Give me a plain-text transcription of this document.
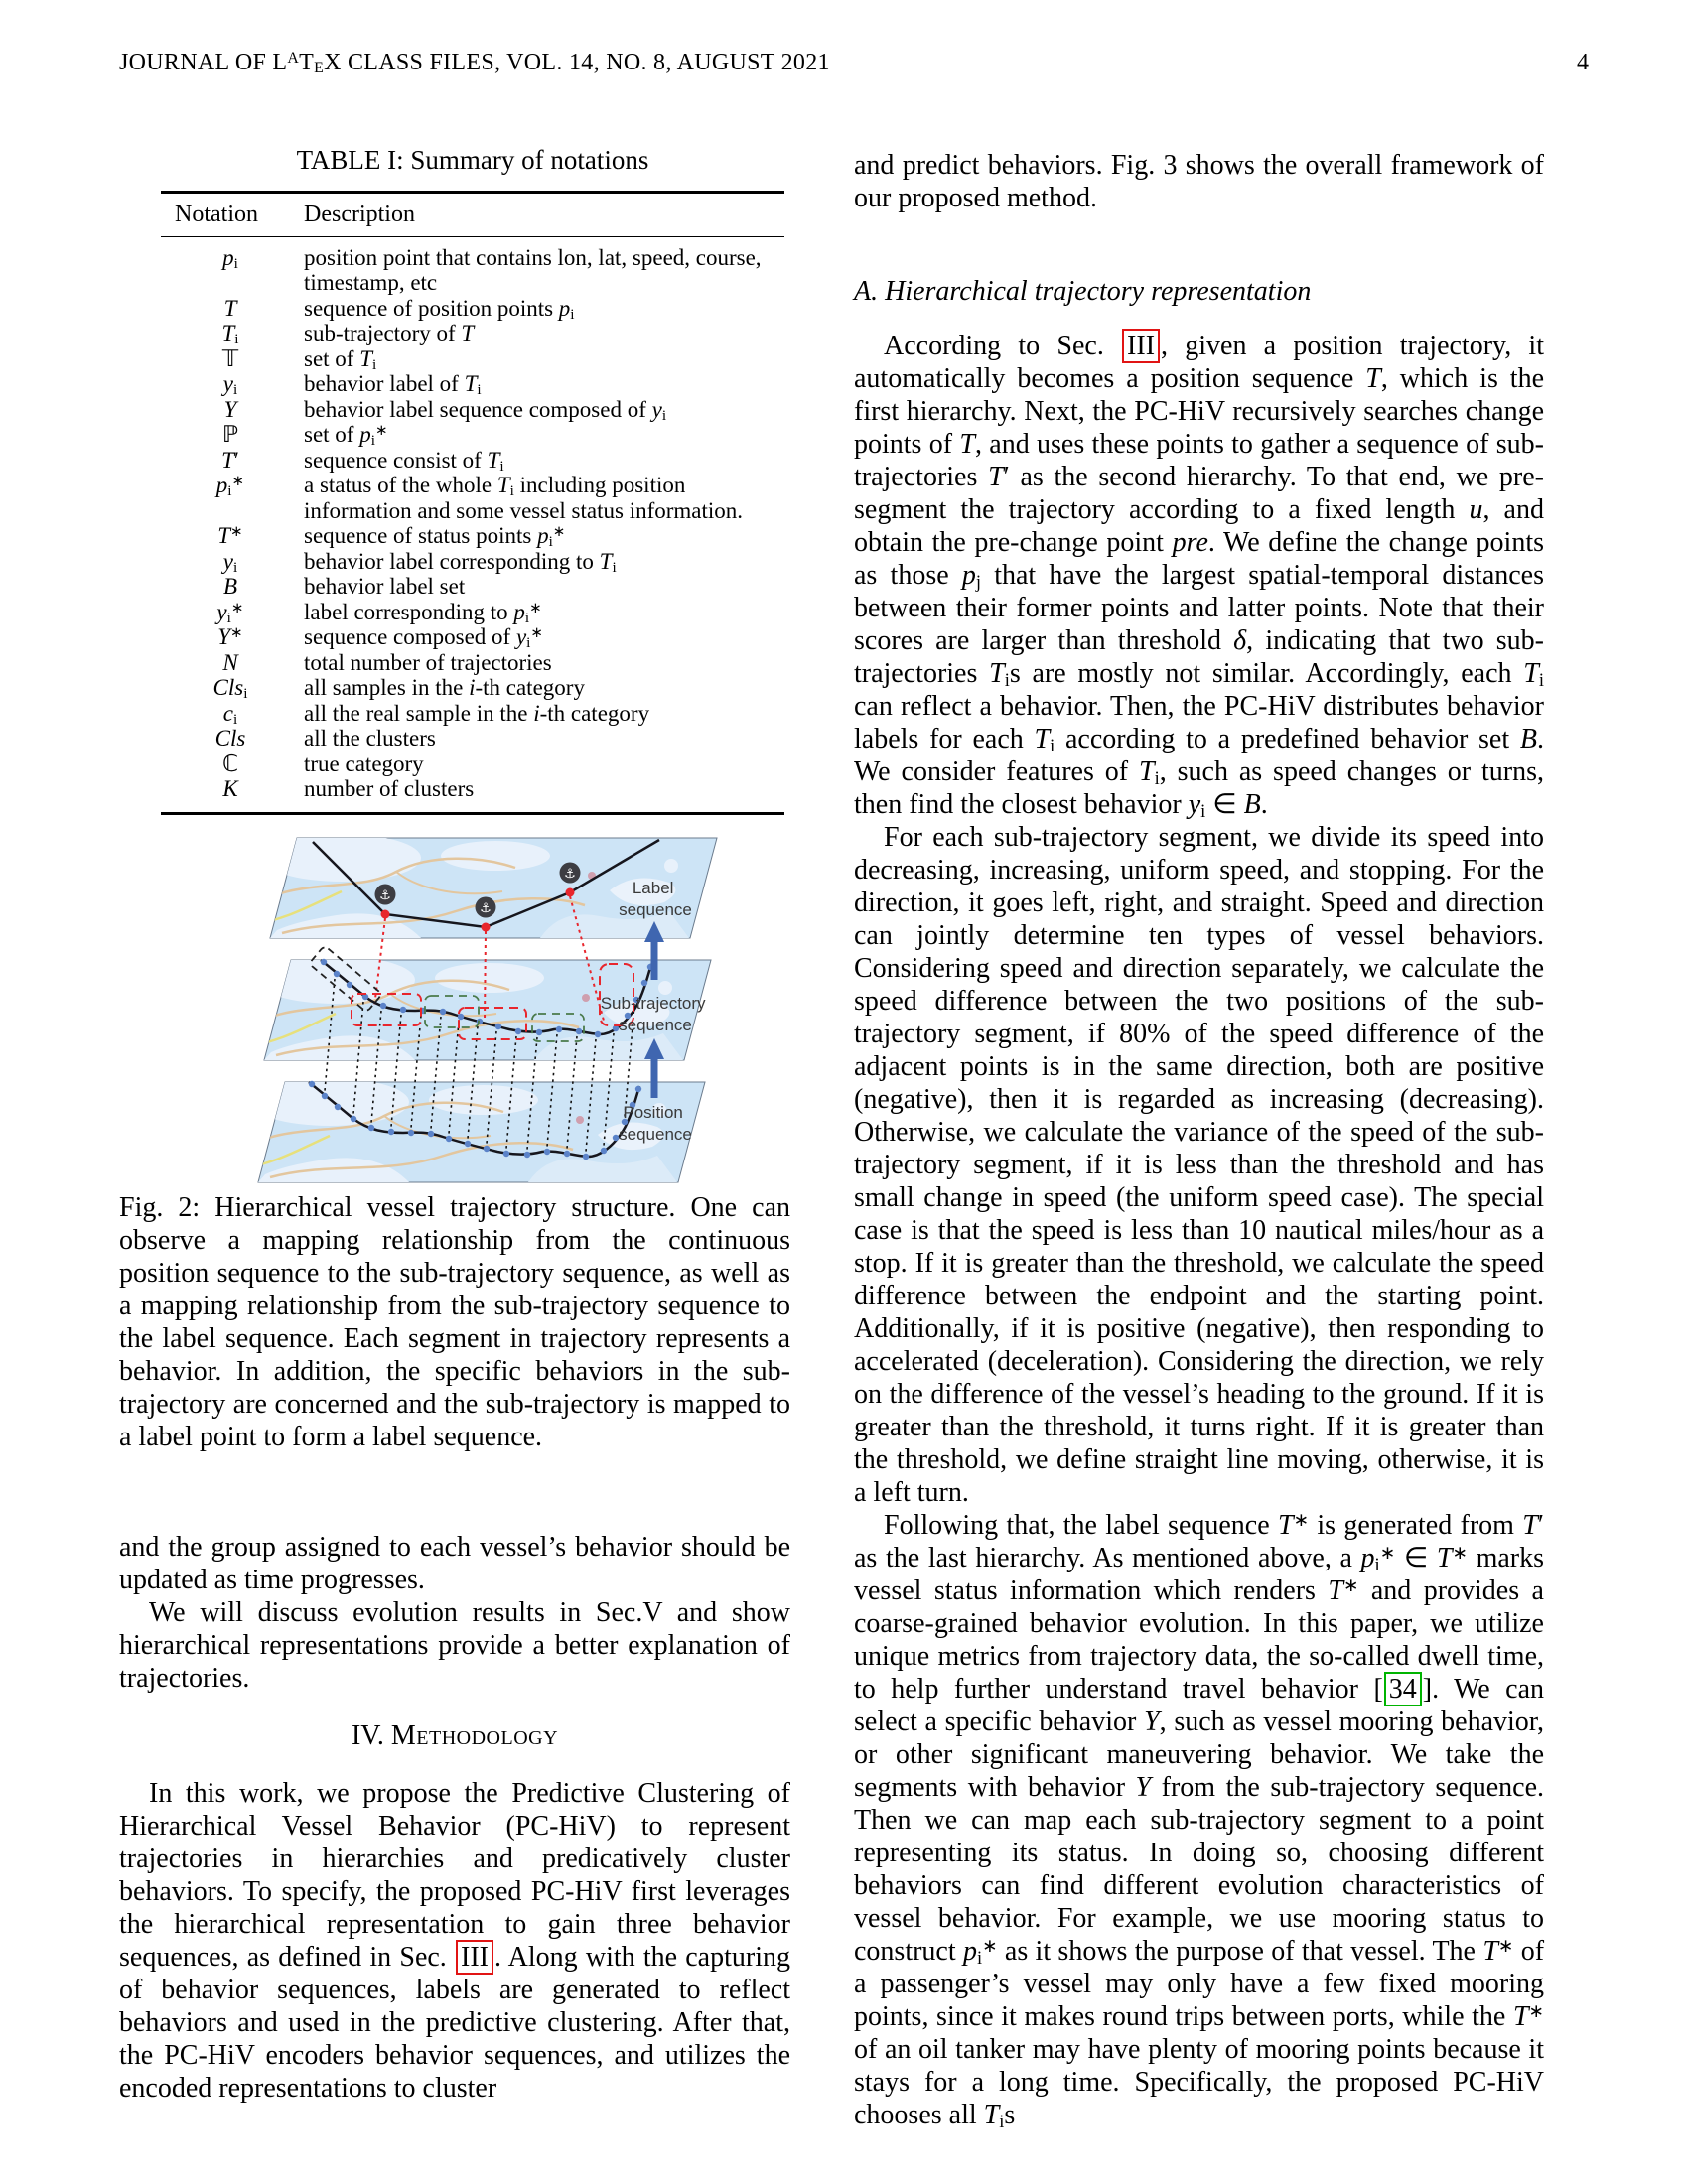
JOURNAL OF $L^AT_EX$ CLASS FILES, VOL. 14, NO. 8, AUGUST 2021	4
TABLE I: Summary of notations
Notation	Description
$p_i$	position point that contains lon, lat, speed, course, timestamp, etc
T	sequence of position points $p_i$
$T_i$	sub-trajectory of T
𝕋	set of $T_i$
$y_i$	behavior label of $T_i$
Y	behavior label sequence composed of $y_i$
ℙ	set of $p_i^∗$
T′	sequence consist of $T_i$
$p_i^∗$	a status of the whole $T_i$ including position information and some vessel status information.
T∗	sequence of status points $p_i^∗$
$y_i$	behavior label corresponding to $T_i$
B	behavior label set
$y_i^∗$	label corresponding to $p_i^∗$
Y∗	sequence composed of $y_i^∗$
N	total number of trajectories
Cls$_i$	all samples in the i-th category
$c_i$	all the real sample in the i-th category
Cls	all the clusters
ℂ	true category
K	number of clusters
⚓
⚓
⚓
Label sequence
Sub-trajectory sequence
Position sequence

Fig. 2: Hierarchical vessel trajectory structure. One can observe a mapping relationship from the continuous position sequence to the sub-trajectory sequence, as well as a mapping relationship from the sub-trajectory sequence to the label sequence. Each segment in trajectory represents a behavior. In addition, the specific behaviors in the sub-trajectory are concerned and the sub-trajectory is mapped to a label point to form a label sequence.

and the group assigned to each vessel’s behavior should be updated as time progresses.

We will discuss evolution results in Sec.V and show hierarchical representations provide a better explanation of trajectories.

IV. Methodology

In this work, we propose the Predictive Clustering of Hierarchical Vessel Behavior (PC-HiV) to represent trajectories in hierarchies and predicatively cluster behaviors. To specify, the proposed PC-HiV first leverages the hierarchical representation to gain three behavior sequences, as defined in Sec. III . Along with the capturing of behavior sequences, labels are generated to reflect behaviors and used in the predictive clustering. After that, the PC-HiV encoders behavior sequences, and utilizes the encoded representations to cluster

and predict behaviors. Fig. 3 shows the overall framework of our proposed method.

A. Hierarchical trajectory representation

According to Sec. III , given a position trajectory, it automatically becomes a position sequence T, which is the first hierarchy. Next, the PC-HiV recursively searches change points of T, and uses these points to gather a sequence of sub-trajectories T′ as the second hierarchy. To that end, we pre-segment the trajectory according to a fixed length u, and obtain the pre-change point pre. We define the change points as those $p_j$ that have the largest spatial-temporal distances between their former points and latter points. Note that their scores are larger than threshold δ, indicating that two sub-trajectories $T_is$ are mostly not similar. Accordingly, each $T_i$ can reflect a behavior. Then, the PC-HiV distributes behavior labels for each $T_i$ according to a predefined behavior set B. We consider features of $T_i$, such as speed changes or turns, then find the closest behavior $y_i$ ∈ B.

For each sub-trajectory segment, we divide its speed into decreasing, increasing, uniform speed, and stopping. For the direction, it goes left, right, and straight. Speed and direction can jointly determine ten types of vessel behaviors. Considering speed and direction separately, we calculate the speed difference between the two positions of the sub-trajectory segment, if 80% of the speed difference of the adjacent points is in the same direction, both are positive (negative), then it is regarded as increasing (decreasing). Otherwise, we calculate the variance of the speed of the sub-trajectory segment, if it is less than the threshold and has small change in speed (the uniform speed case). The special case is that the speed is less than 10 nautical miles/hour as a stop. If it is greater than the threshold, we calculate the speed difference between the endpoint and the starting point. Additionally, if it is positive (negative), then responding to accelerated (deceleration). Considering the direction, we rely on the difference of the vessel’s heading to the ground. If it is greater than the threshold, it turns right. If it is greater than the threshold, we define straight line moving, otherwise, it is a left turn.

Following that, the label sequence T∗ is generated from T′ as the last hierarchy. As mentioned above, a $p_i^∗$ ∈ T∗ marks vessel status information which renders T∗ and provides a coarse-grained behavior evolution. In this paper, we utilize unique metrics from trajectory data, the so-called dwell time, to help further understand travel behavior [ 34 ]. We can select a specific behavior Υ, such as vessel mooring behavior, or other significant maneuvering behavior. We take the segments with behavior Υ from the sub-trajectory sequence. Then we can map each sub-trajectory segment to a point representing its status. In doing so, choosing different behaviors can find different evolution characteristics of vessel behavior. For example, we use mooring status to construct $p_i^∗$ as it shows the purpose of that vessel. The T∗ of a passenger’s vessel may only have a few fixed mooring points, since it makes round trips between ports, while the T∗ of an oil tanker may have plenty of mooring points because it stays for a long time. Specifically, the proposed PC-HiV chooses all $T_is$
